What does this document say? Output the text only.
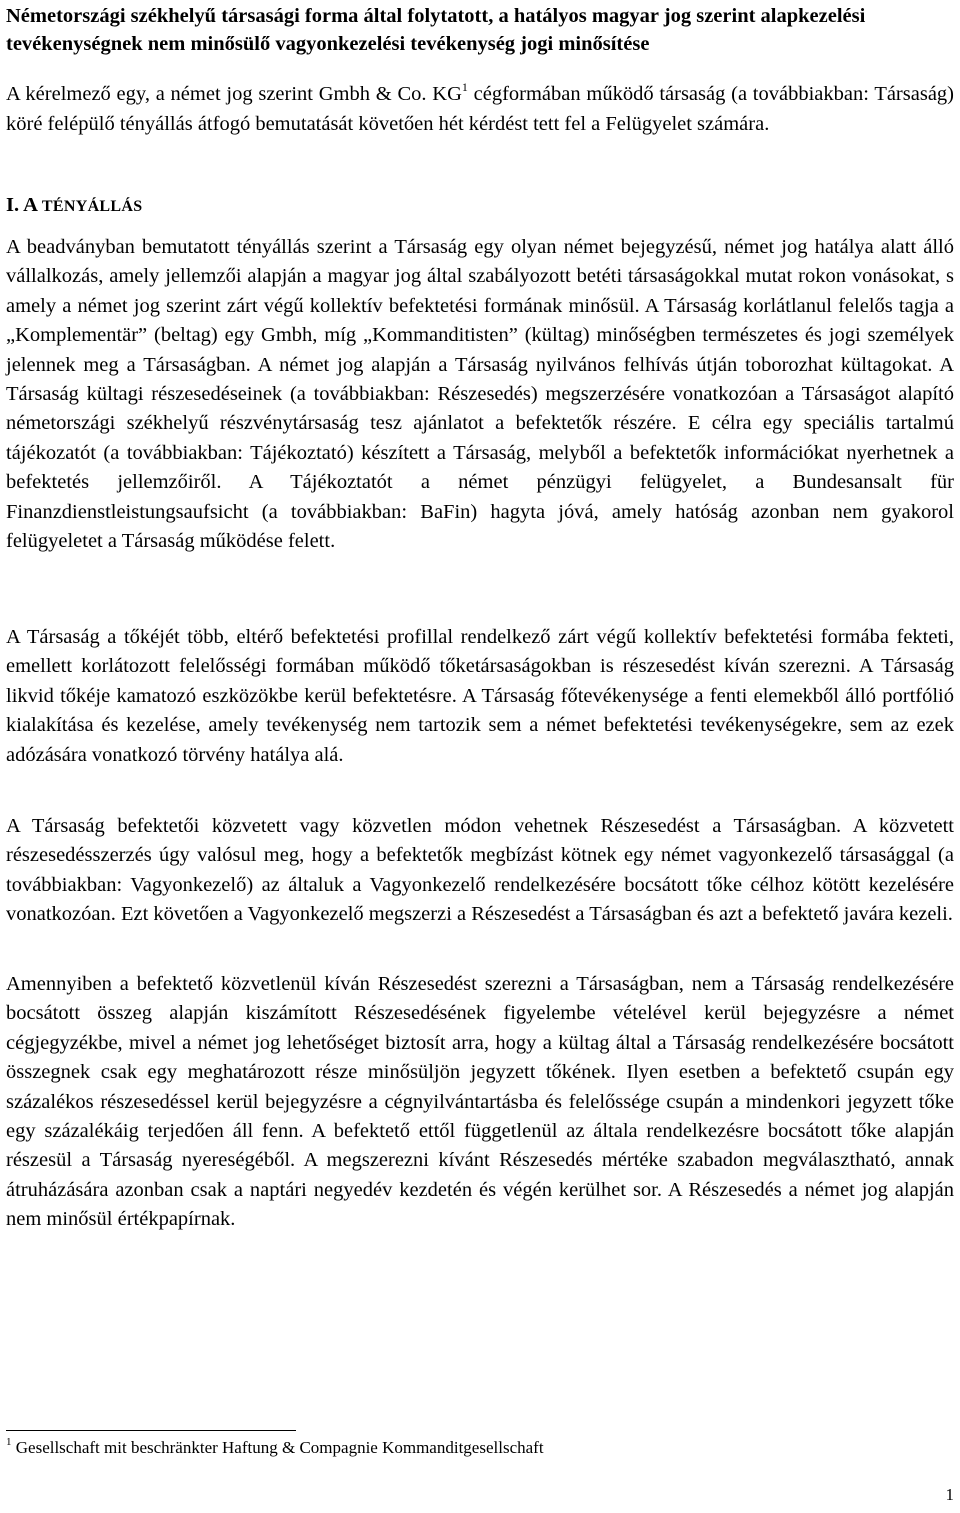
Németországi székhelyű társasági forma által folytatott, a hatályos magyar jog szerint alapkezelési tevékenységnek nem minősülő vagyonkezelési tevékenység jogi minősítése

A kérelmező egy, a német jog szerint Gmbh & Co. $KG^1$ cégformában működő társaság (a továbbiakban: Társaság) köré felépülő tényállás átfogó bemutatását követően hét kérdést tett fel a Felügyelet számára.

I. A TÉNYÁLLÁS

A beadványban bemutatott tényállás szerint a Társaság egy olyan német bejegyzésű, német jog hatálya alatt álló vállalkozás, amely jellemzői alapján a magyar jog által szabályozott betéti társaságokkal mutat rokon vonásokat, s amely a német jog szerint zárt végű kollektív befektetési formának minősül. A Társaság korlátlanul felelős tagja a „Komplementär” (beltag) egy Gmbh, míg „Kommanditisten” (kültag) minőségben természetes és jogi személyek jelennek meg a Társaságban. A német jog alapján a Társaság nyilvános felhívás útján toborozhat kültagokat. A Társaság kültagi részesedéseinek (a továbbiakban: Részesedés) megszerzésére vonatkozóan a Társaságot alapító németországi székhelyű részvénytársaság tesz ajánlatot a befektetők részére. E célra egy speciális tartalmú tájékozatót (a továbbiakban: Tájékoztató) készített a Társaság, melyből a befektetők információkat nyerhetnek a befektetés jellemzőiről. A Tájékoztatót a német pénzügyi felügyelet, a Bundesansalt für Finanzdienstleistungsaufsicht (a továbbiakban: BaFin) hagyta jóvá, amely hatóság azonban nem gyakorol felügyeletet a Társaság működése felett.

A Társaság a tőkéjét több, eltérő befektetési profillal rendelkező zárt végű kollektív befektetési formába fekteti, emellett korlátozott felelősségi formában működő tőketársaságokban is részesedést kíván szerezni. A Társaság likvid tőkéje kamatozó eszközökbe kerül befektetésre. A Társaság főtevékenysége a fenti elemekből álló portfólió kialakítása és kezelése, amely tevékenység nem tartozik sem a német befektetési tevékenységekre, sem az ezek adózására vonatkozó törvény hatálya alá.

A Társaság befektetői közvetett vagy közvetlen módon vehetnek Részesedést a Társaságban. A közvetett részesedésszerzés úgy valósul meg, hogy a befektetők megbízást kötnek egy német vagyonkezelő társasággal (a továbbiakban: Vagyonkezelő) az általuk a Vagyonkezelő rendelkezésére bocsátott tőke célhoz kötött kezelésére vonatkozóan. Ezt követően a Vagyonkezelő megszerzi a Részesedést a Társaságban és azt a befektető javára kezeli.

Amennyiben a befektető közvetlenül kíván Részesedést szerezni a Társaságban, nem a Társaság rendelkezésére bocsátott összeg alapján kiszámított Részesedésének figyelembe vételével kerül bejegyzésre a német cégjegyzékbe, mivel a német jog lehetőséget biztosít arra, hogy a kültag által a Társaság rendelkezésére bocsátott összegnek csak egy meghatározott része minősüljön jegyzett tőkének. Ilyen esetben a befektető csupán egy százalékos részesedéssel kerül bejegyzésre a cégnyilvántartásba és felelőssége csupán a mindenkori jegyzett tőke egy százalékáig terjedően áll fenn. A befektető ettől függetlenül az általa rendelkezésre bocsátott tőke alapján részesül a Társaság nyereségéből. A megszerezni kívánt Részesedés mértéke szabadon megválasztható, annak átruházására azonban csak a naptári negyedév kezdetén és végén kerülhet sor. A Részesedés a német jog alapján nem minősül értékpapírnak.

$^1$ Gesellschaft mit beschränkter Haftung & Compagnie Kommanditgesellschaft

1
